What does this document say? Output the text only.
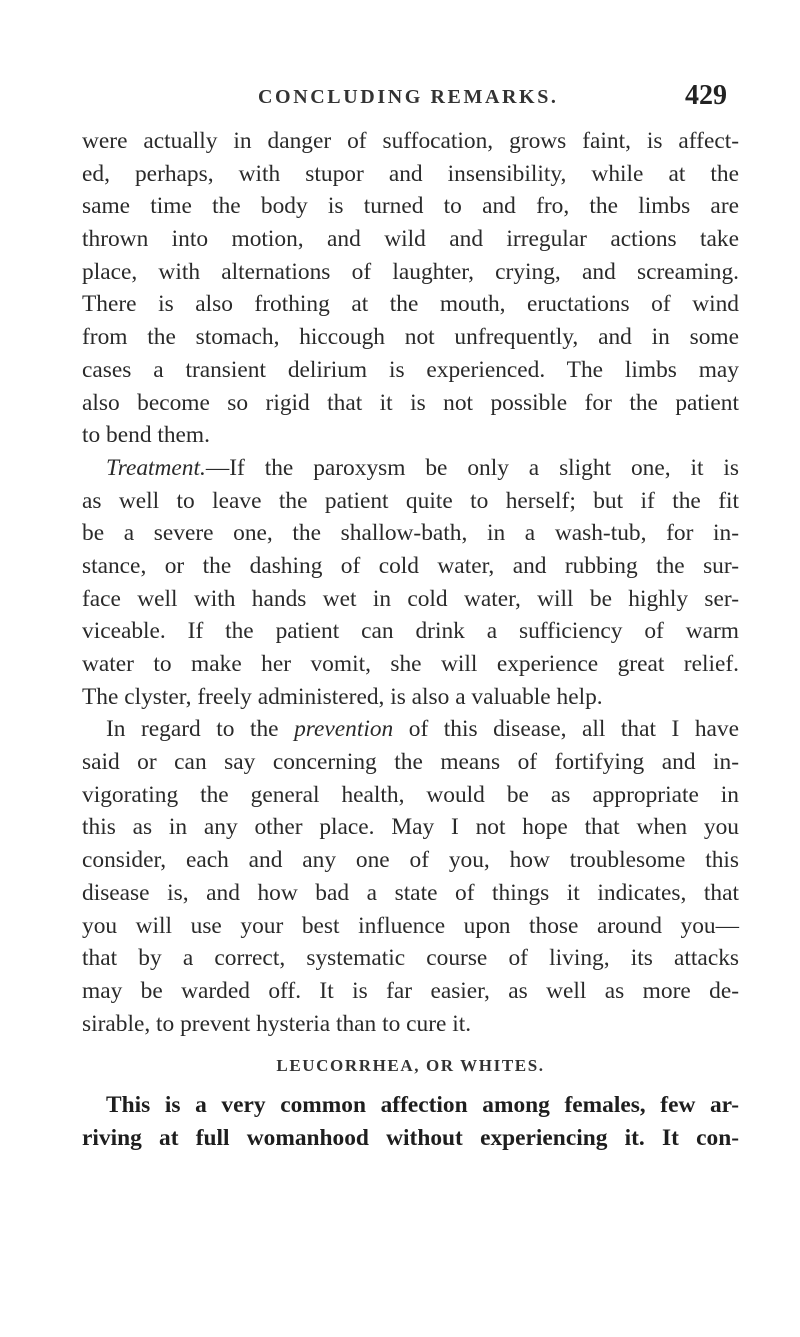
CONCLUDING REMARKS.	429
were actually in danger of suffocation, grows faint, is affect-
ed, perhaps, with stupor and insensibility, while at the
same time the body is turned to and fro, the limbs are
thrown into motion, and wild and irregular actions take
place, with alternations of laughter, crying, and screaming.
There is also frothing at the mouth, eructations of wind
from the stomach, hiccough not unfrequently, and in some
cases a transient delirium is experienced. The limbs may
also become so rigid that it is not possible for the patient
to bend them.
Treatment.—If the paroxysm be only a slight one, it is
as well to leave the patient quite to herself; but if the fit
be a severe one, the shallow-bath, in a wash-tub, for in-
stance, or the dashing of cold water, and rubbing the sur-
face well with hands wet in cold water, will be highly ser-
viceable. If the patient can drink a sufficiency of warm
water to make her vomit, she will experience great relief.
The clyster, freely administered, is also a valuable help.
In regard to the prevention of this disease, all that I have
said or can say concerning the means of fortifying and in-
vigorating the general health, would be as appropriate in
this as in any other place. May I not hope that when you
consider, each and any one of you, how troublesome this
disease is, and how bad a state of things it indicates, that
you will use your best influence upon those around you—
that by a correct, systematic course of living, its attacks
may be warded off. It is far easier, as well as more de-
sirable, to prevent hysteria than to cure it.
LEUCORRHEA, OR WHITES.
This is a very common affection among females, few ar-
riving at full womanhood without experiencing it. It con-
